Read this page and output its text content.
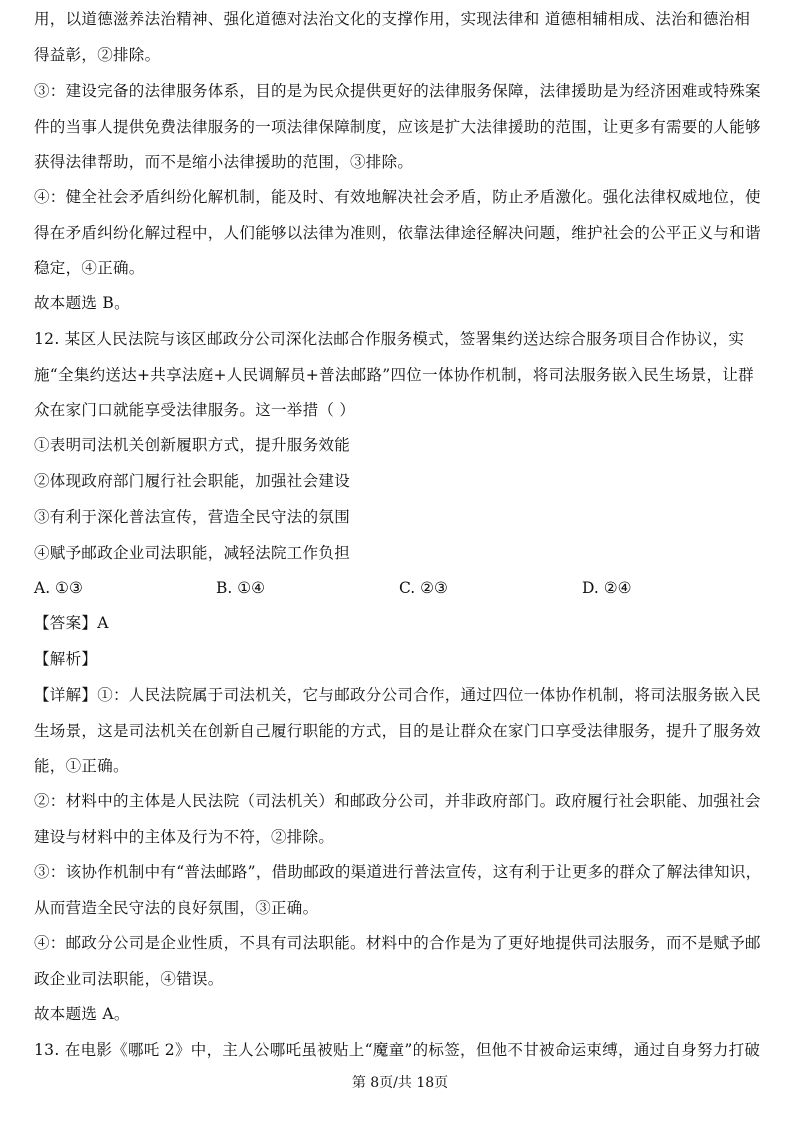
用，以道德滋养法治精神、强化道德对法治文化的支撑作用，实现法律和 道德相辅相成、法治和德治相
得益彰，②排除。
③：建设完备的法律服务体系，目的是为民众提供更好的法律服务保障，法律援助是为经济困难或特殊案件的当事人提供免费法律服务的一项法律保障制度，应该是扩大法律援助的范围，让更多有需要的人能够获得法律帮助，而不是缩小法律援助的范围，③排除。
④：健全社会矛盾纠纷化解机制，能及时、有效地解决社会矛盾，防止矛盾激化。强化法律权威地位，使得在矛盾纠纷化解过程中，人们能够以法律为准则，依靠法律途径解决问题，维护社会的公平正义与和谐稳定，④正确。
故本题选 B。
12. 某区人民法院与该区邮政分公司深化法邮合作服务模式，签署集约送达综合服务项目合作协议，实施“全集约送达+共享法庭+人民调解员+普法邮路”四位一体协作机制，将司法服务嵌入民生场景，让群众在家门口就能享受法律服务。这一举措（ ）
①表明司法机关创新履职方式，提升服务效能
②体现政府部门履行社会职能，加强社会建设
③有利于深化普法宣传，营造全民守法的氛围
④赋予邮政企业司法职能，减轻法院工作负担
A. ①③	B. ①④	C. ②③	D. ②④
【答案】A
【解析】
【详解】①：人民法院属于司法机关，它与邮政分公司合作，通过四位一体协作机制，将司法服务嵌入民生场景，这是司法机关在创新自己履行职能的方式，目的是让群众在家门口享受法律服务，提升了服务效能，①正确。
②：材料中的主体是人民法院（司法机关）和邮政分公司，并非政府部门。政府履行社会职能、加强社会建设与材料中的主体及行为不符，②排除。
③：该协作机制中有“普法邮路”，借助邮政的渠道进行普法宣传，这有利于让更多的群众了解法律知识，从而营造全民守法的良好氛围，③正确。
④：邮政分公司是企业性质，不具有司法职能。材料中的合作是为了更好地提供司法服务，而不是赋予邮政企业司法职能，④错误。
故本题选 A。
13. 在电影《哪吒 2》中，主人公哪吒虽被贴上“魔童”的标签，但他不甘被命运束缚，通过自身努力打破
第 8页/共 18页
